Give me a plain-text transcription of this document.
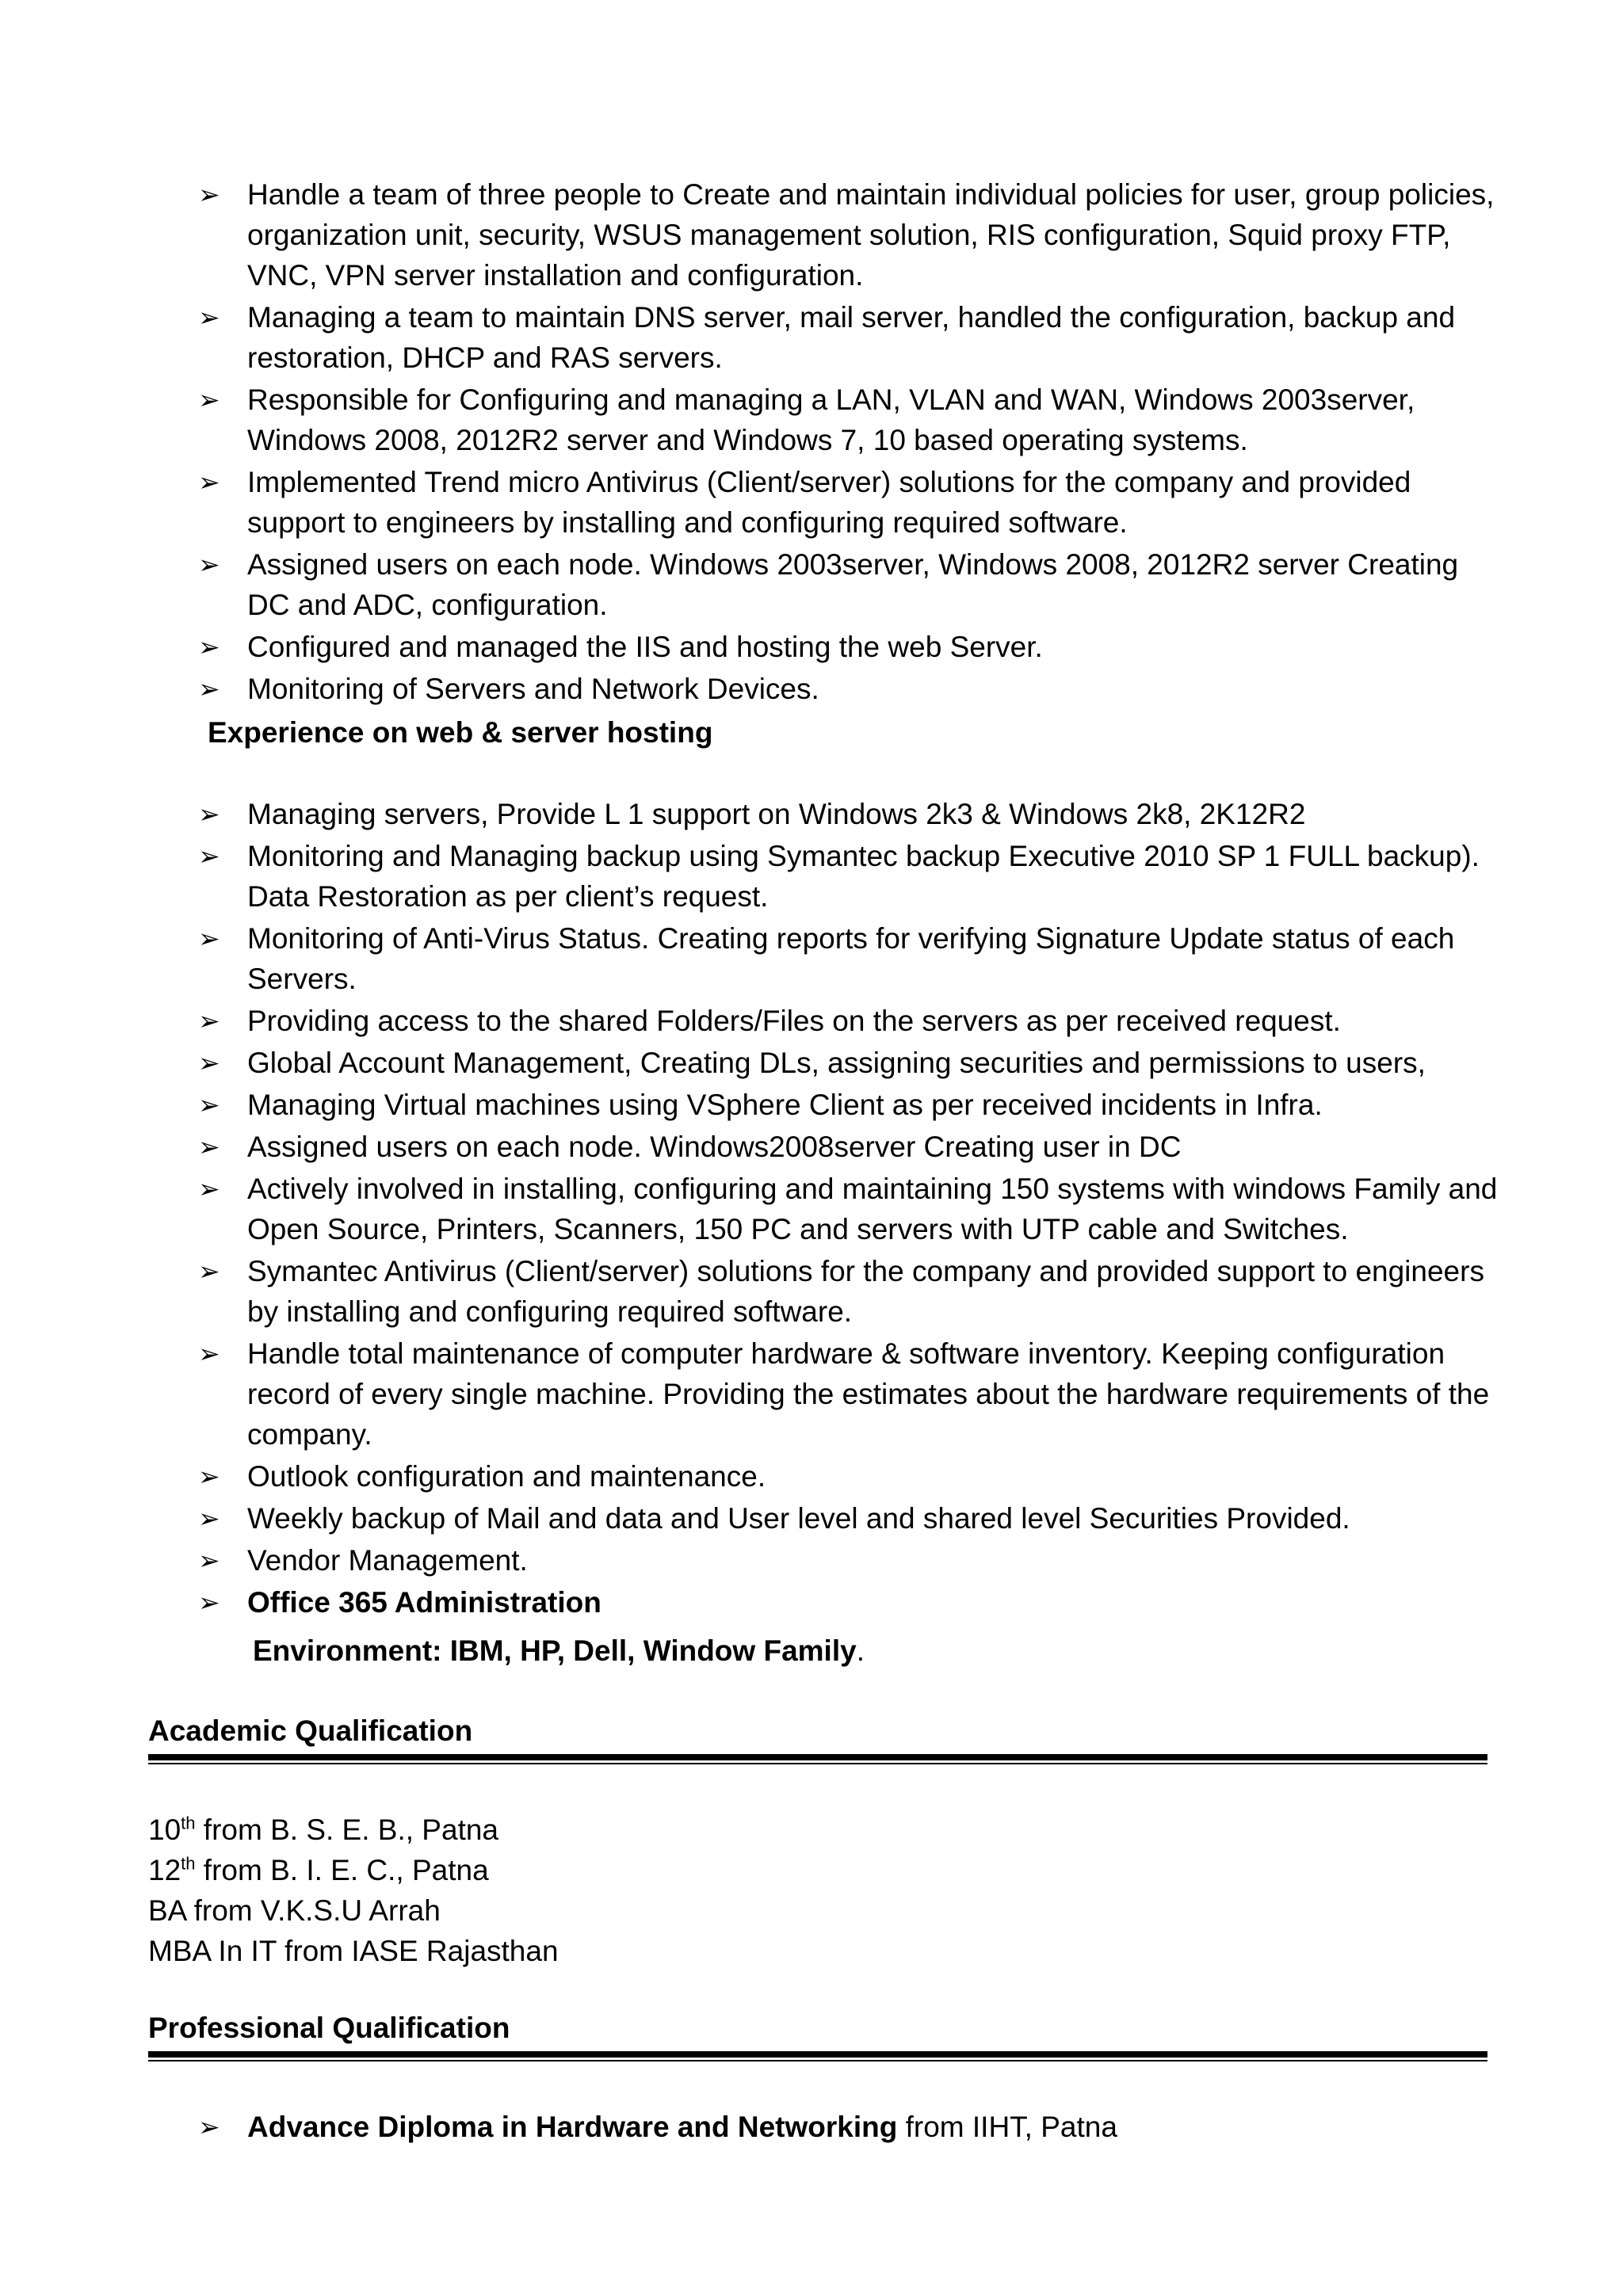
➢ Handle a team of three people to Create and maintain individual policies for user, group policies, organization unit, security, WSUS management solution, RIS configuration, Squid proxy FTP, VNC, VPN server installation and configuration.
➢ Managing a team to maintain DNS server, mail server, handled the configuration, backup and restoration, DHCP and RAS servers.
➢ Responsible for Configuring and managing a LAN, VLAN and WAN, Windows 2003server, Windows 2008, 2012R2 server and Windows 7, 10 based operating systems.
➢ Implemented Trend micro Antivirus (Client/server) solutions for the company and provided support to engineers by installing and configuring required software.
➢ Assigned users on each node. Windows 2003server, Windows 2008, 2012R2 server Creating DC and ADC, configuration.
➢ Configured and managed the IIS and hosting the web Server.
➢ Monitoring of Servers and Network Devices.

Experience on web & server hosting

➢ Managing servers, Provide L 1 support on Windows 2k3 & Windows 2k8, 2K12R2
➢ Monitoring and Managing backup using Symantec backup Executive 2010 SP 1 FULL backup). Data Restoration as per client’s request.
➢ Monitoring of Anti-Virus Status. Creating reports for verifying Signature Update status of each Servers.
➢ Providing access to the shared Folders/Files on the servers as per received request.
➢ Global Account Management, Creating DLs, assigning securities and permissions to users,
➢ Managing Virtual machines using VSphere Client as per received incidents in Infra.
➢ Assigned users on each node. Windows2008server Creating user in DC
➢ Actively involved in installing, configuring and maintaining 150 systems with windows Family and Open Source, Printers, Scanners, 150 PC and servers with UTP cable and Switches.
➢ Symantec Antivirus (Client/server) solutions for the company and provided support to engineers by installing and configuring required software.
➢ Handle total maintenance of computer hardware & software inventory. Keeping configuration record of every single machine. Providing the estimates about the hardware requirements of the company.
➢ Outlook configuration and maintenance.
➢ Weekly backup of Mail and data and User level and shared level Securities Provided.
➢ Vendor Management.
➢ Office 365 Administration

Environment: IBM, HP, Dell, Window Family.

Academic Qualification

10th from B. S. E. B., Patna
12th from B. I. E. C., Patna
BA from V.K.S.U Arrah
MBA In IT from IASE Rajasthan

Professional Qualification

➢ Advance Diploma in Hardware and Networking from IIHT, Patna
